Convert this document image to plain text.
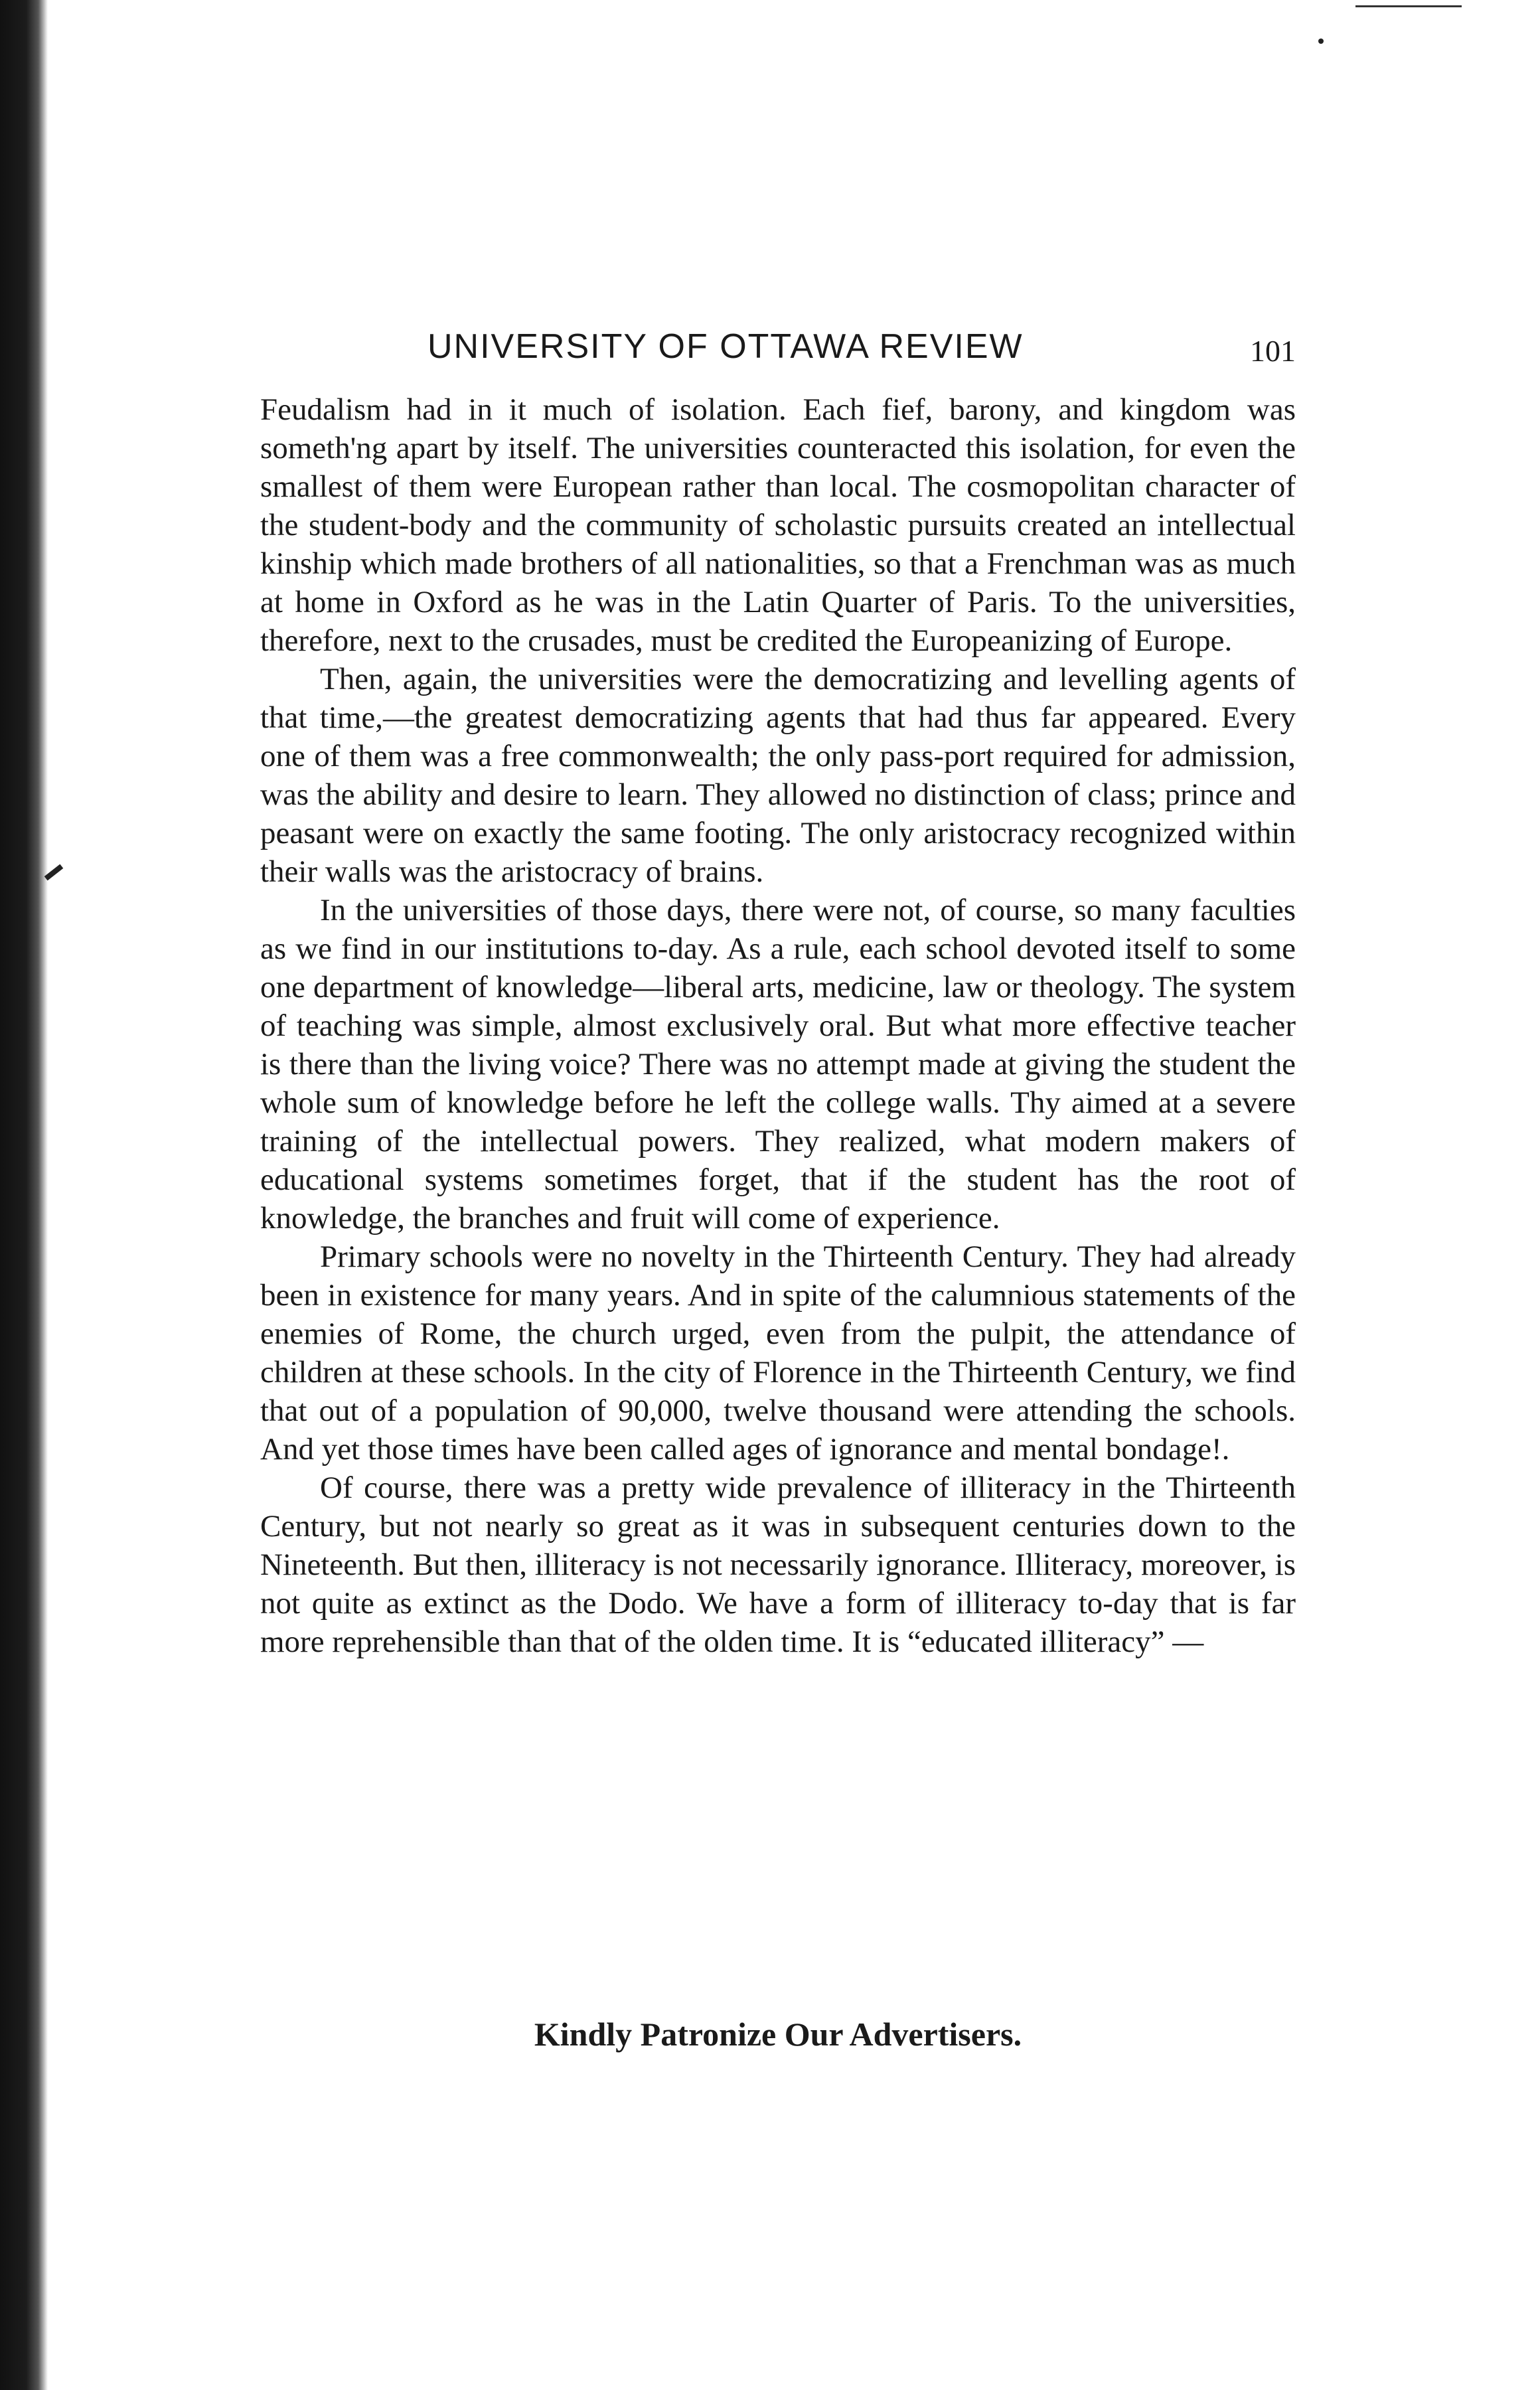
UNIVERSITY OF OTTAWA REVIEW	101

Feudalism had in it much of isolation. Each fief, barony, and kingdom was someth'ng apart by itself. The universities counteracted this isolation, for even the smallest of them were European rather than local. The cosmopolitan character of the student-body and the community of scholastic pursuits created an intellectual kinship which made brothers of all nationalities, so that a Frenchman was as much at home in Oxford as he was in the Latin Quarter of Paris. To the universities, therefore, next to the crusades, must be credited the Europeanizing of Europe.

Then, again, the universities were the democratizing and levelling agents of that time,—the greatest democratizing agents that had thus far appeared. Every one of them was a free commonwealth; the only pass-port required for admission, was the ability and desire to learn. They allowed no distinction of class; prince and peasant were on exactly the same footing. The only aristocracy recognized within their walls was the aristocracy of brains.

In the universities of those days, there were not, of course, so many faculties as we find in our institutions to-day. As a rule, each school devoted itself to some one department of knowledge—liberal arts, medicine, law or theology. The system of teaching was simple, almost exclusively oral. But what more effective teacher is there than the living voice? There was no attempt made at giving the student the whole sum of knowledge before he left the college walls. Thy aimed at a severe training of the intellectual powers. They realized, what modern makers of educational systems sometimes forget, that if the student has the root of knowledge, the branches and fruit will come of experience.

Primary schools were no novelty in the Thirteenth Century. They had already been in existence for many years. And in spite of the calumnious statements of the enemies of Rome, the church urged, even from the pulpit, the attendance of children at these schools. In the city of Florence in the Thirteenth Century, we find that out of a population of 90,000, twelve thousand were attending the schools. And yet those times have been called ages of ignorance and mental bondage!.

Of course, there was a pretty wide prevalence of illiteracy in the Thirteenth Century, but not nearly so great as it was in subsequent centuries down to the Nineteenth. But then, illiteracy is not necessarily ignorance. Illiteracy, moreover, is not quite as extinct as the Dodo. We have a form of illiteracy to-day that is far more reprehensible than that of the olden time. It is “educated illiteracy” —

Kindly Patronize Our Advertisers.
